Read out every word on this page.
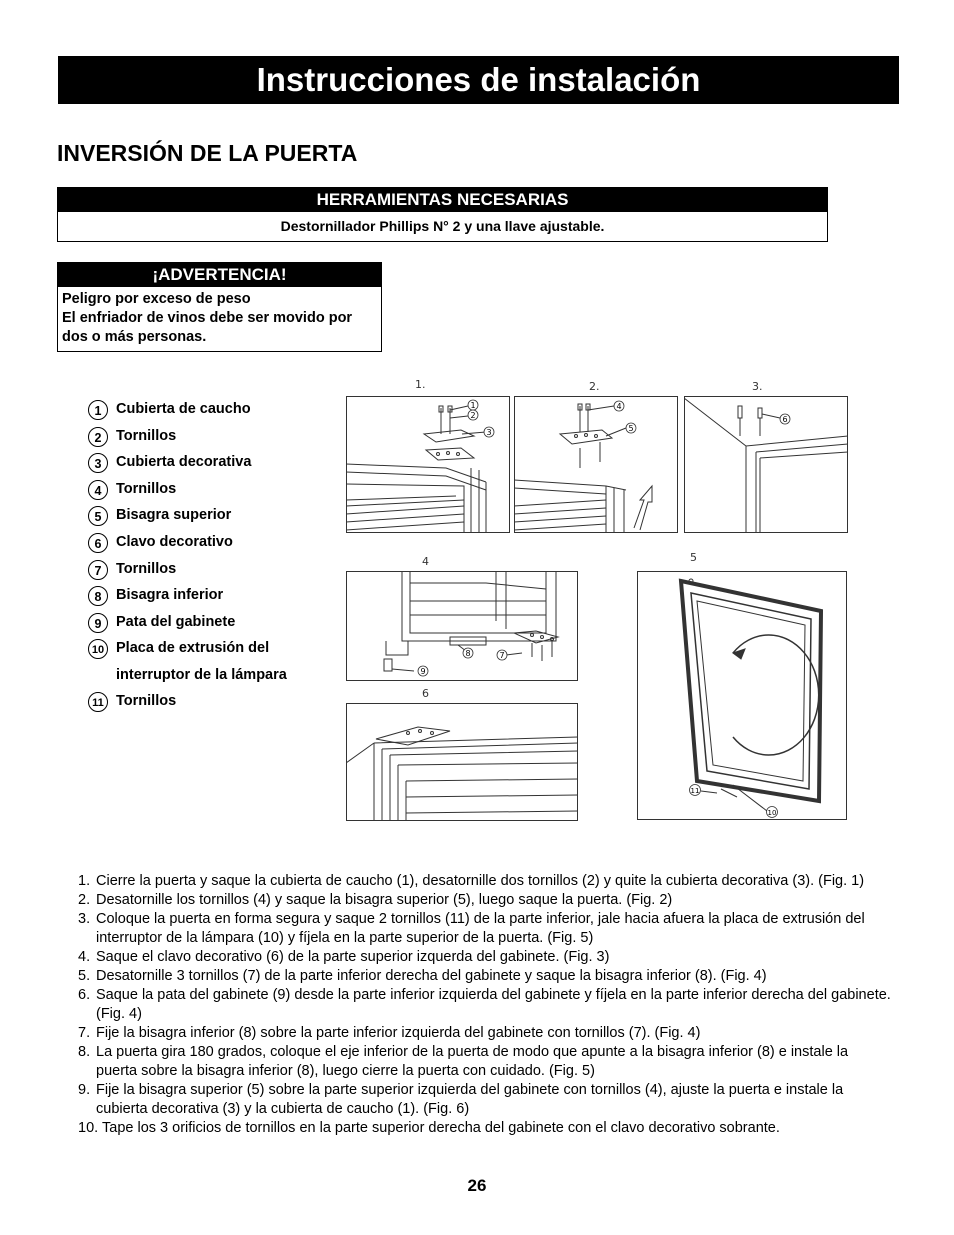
Instrucciones de instalación
INVERSIÓN DE LA PUERTA
HERRAMIENTAS NECESARIAS
Destornillador Phillips N° 2 y una llave ajustable.
¡ADVERTENCIA!
Peligro por exceso de peso
El enfriador de vinos debe ser movido por
dos o más personas.
1	Cubierta de caucho
2	Tornillos
3	Cubierta decorativa
4	Tornillos
5	Bisagra superior
6	Clavo decorativo
7	Tornillos
8	Bisagra inferior
9	Pata del gabinete
10 Placa de extrusión del interruptor de la lámpara
11 Tornillos
1.	2.	3.
4	5
6
1
2
3
4
5
6
8	7
9
11
10
1. Cierre la puerta y saque la cubierta de caucho (1), desatornille dos tornillos (2) y quite la cubierta decorativa (3). (Fig. 1)
2. Desatornille los tornillos (4) y saque la bisagra superior (5), luego saque la puerta. (Fig. 2)
3. Coloque la puerta en forma segura y saque 2 tornillos (11) de la parte inferior, jale hacia afuera la placa de extrusión del interruptor de la lámpara (10) y fíjela en la parte superior de la puerta. (Fig. 5)
4. Saque el clavo decorativo (6) de la parte superior izquerda del gabinete. (Fig. 3)
5. Desatornille 3 tornillos (7) de la parte inferior derecha del gabinete y saque la bisagra inferior (8). (Fig. 4)
6. Saque la pata del gabinete (9) desde la parte inferior izquierda del gabinete y fíjela en la parte inferior derecha del gabinete. (Fig. 4)
7. Fije la bisagra inferior (8) sobre la parte inferior izquierda del gabinete con tornillos (7). (Fig. 4)
8. La puerta gira 180 grados, coloque el eje inferior de la puerta de modo que apunte a la bisagra inferior (8) e instale la puerta sobre la bisagra inferior (8), luego cierre la puerta con cuidado. (Fig. 5)
9. Fije la bisagra superior (5) sobre la parte superior izquierda del gabinete con tornillos (4), ajuste la puerta e instale la cubierta decorativa (3) y la cubierta de caucho (1). (Fig. 6)
10. Tape los 3 orificios de tornillos en la parte superior derecha del gabinete con el clavo decorativo sobrante.
26
